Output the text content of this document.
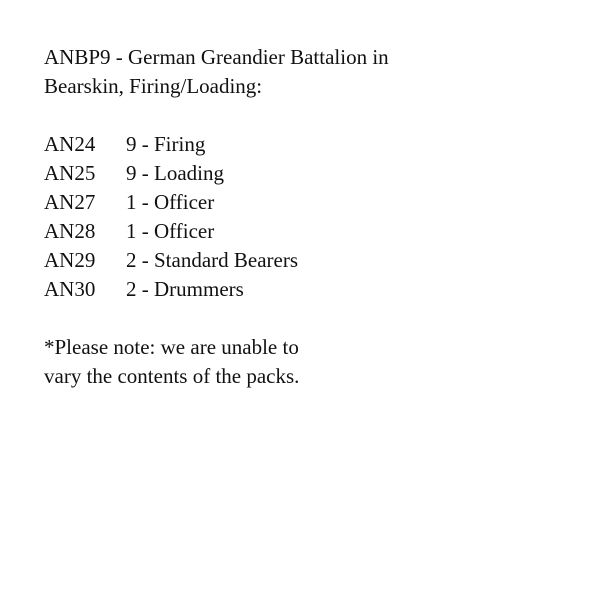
ANBP9 - German Greandier Battalion in
Bearskin, Firing/Loading:
AN24	9 - Firing
AN25	9 - Loading
AN27	1 - Officer
AN28	1 - Officer
AN29	2 - Standard Bearers
AN30	2 - Drummers
*Please note: we are unable to
vary the contents of the packs.
